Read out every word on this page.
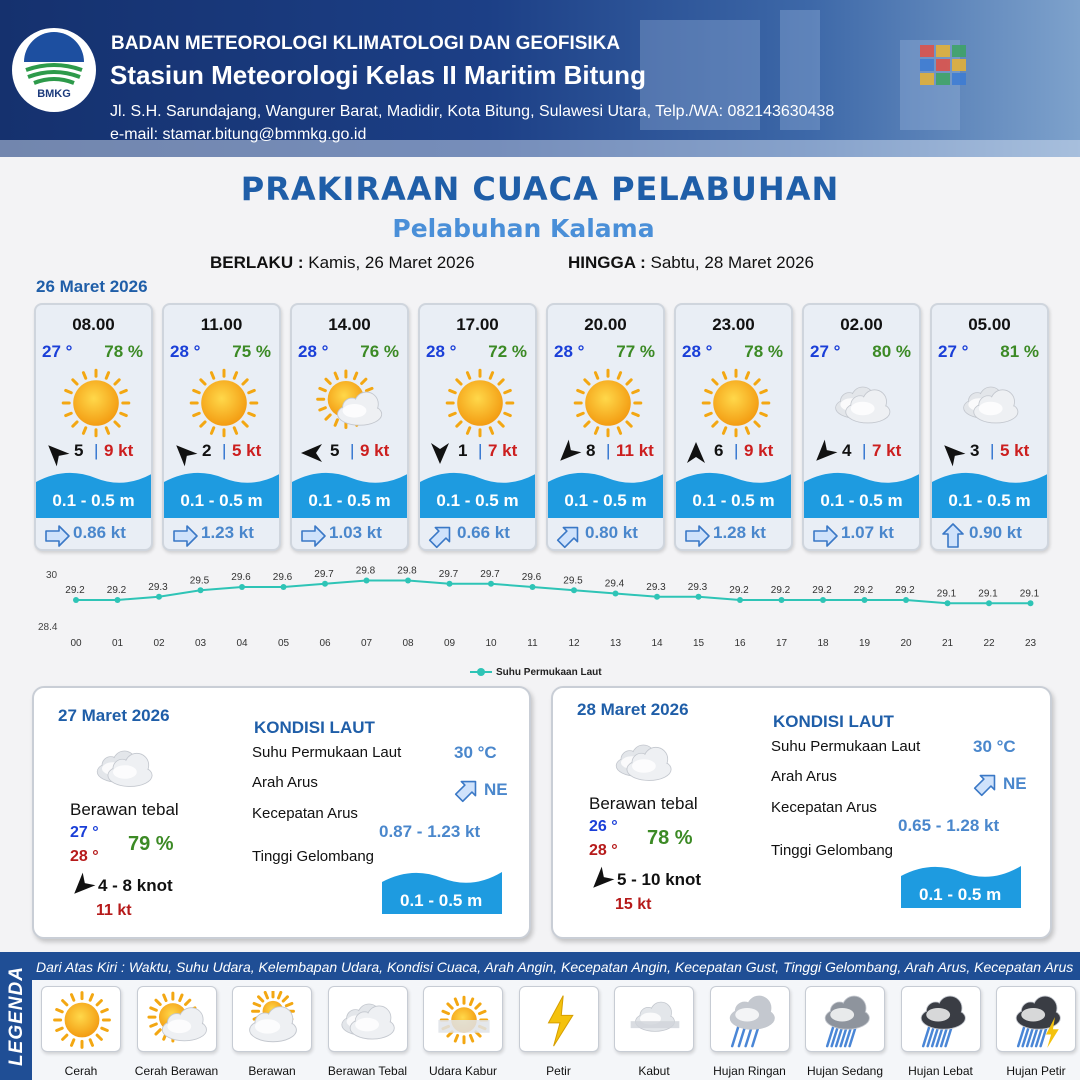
BMKG
BADAN METEOROLOGI KLIMATOLOGI DAN GEOFISIKA
Stasiun Meteorologi Kelas II Maritim Bitung
Jl. S.H. Sarundajang, Wangurer Barat, Madidir, Kota Bitung, Sulawesi Utara, Telp./WA: 082143630438
e-mail: stamar.bitung@bmmkg.go.id
PRAKIRAAN CUACA PELABUHAN
Pelabuhan Kalama
BERLAKU : Kamis, 26 Maret 2026	HINGGA : Sabtu, 28 Maret 2026
26 Maret 2026
08.00
27 ° 78 %
5 | 9 kt
0.1 - 0.5 m
0.86 kt
11.00
28 ° 75 %
2 | 5 kt
0.1 - 0.5 m
1.23 kt
14.00
28 ° 76 %
5 | 9 kt
0.1 - 0.5 m
1.03 kt
17.00
28 ° 72 %
1 | 7 kt
0.1 - 0.5 m
0.66 kt
20.00
28 ° 77 %
8 | 11 kt
0.1 - 0.5 m
0.80 kt
23.00
28 ° 78 %
6 | 9 kt
0.1 - 0.5 m
1.28 kt
02.00
27 ° 80 %
4 | 7 kt
0.1 - 0.5 m
1.07 kt
05.00
27 ° 81 %
3 | 5 kt
0.1 - 0.5 m
0.90 kt
30
28.4
29.2
00
29.2
01
29.3
02
29.5
03
29.6
04
29.6
05
29.7
06
29.8
07
29.8
08
29.7
09
29.7
10
29.6
11
29.5
12
29.4
13
29.3
14
29.3
15
29.2
16
29.2
17
29.2
18
29.2
19
29.2
20
29.1
21
29.1
22
29.1
23
Suhu Permukaan Laut
27 Maret 2026
Berawan tebal
27 °
28 °
79 %
4 - 8 knot
11 kt
KONDISI LAUT
Suhu Permukaan Laut	30 °C
Arah Arus	NE
Kecepatan Arus
0.87 - 1.23 kt
Tinggi Gelombang
0.1 - 0.5 m
28 Maret 2026
Berawan tebal
26 °
28 °
78 %
5 - 10 knot
15 kt
KONDISI LAUT
Suhu Permukaan Laut	30 °C
Arah Arus	NE
Kecepatan Arus
0.65 - 1.28 kt
Tinggi Gelombang
0.1 - 0.5 m
LEGENDA Dari Atas Kiri : Waktu, Suhu Udara, Kelembapan Udara, Kondisi Cuaca, Arah Angin, Kecepatan Angin, Kecepatan Gust, Tinggi Gelombang, Arah Arus, Kecepatan Arus
Cerah	Cerah Berawan	Berawan	Berawan Tebal	Udara Kabur	Petir	Kabut	Hujan Ringan	Hujan Sedang	Hujan Lebat	Hujan Petir
